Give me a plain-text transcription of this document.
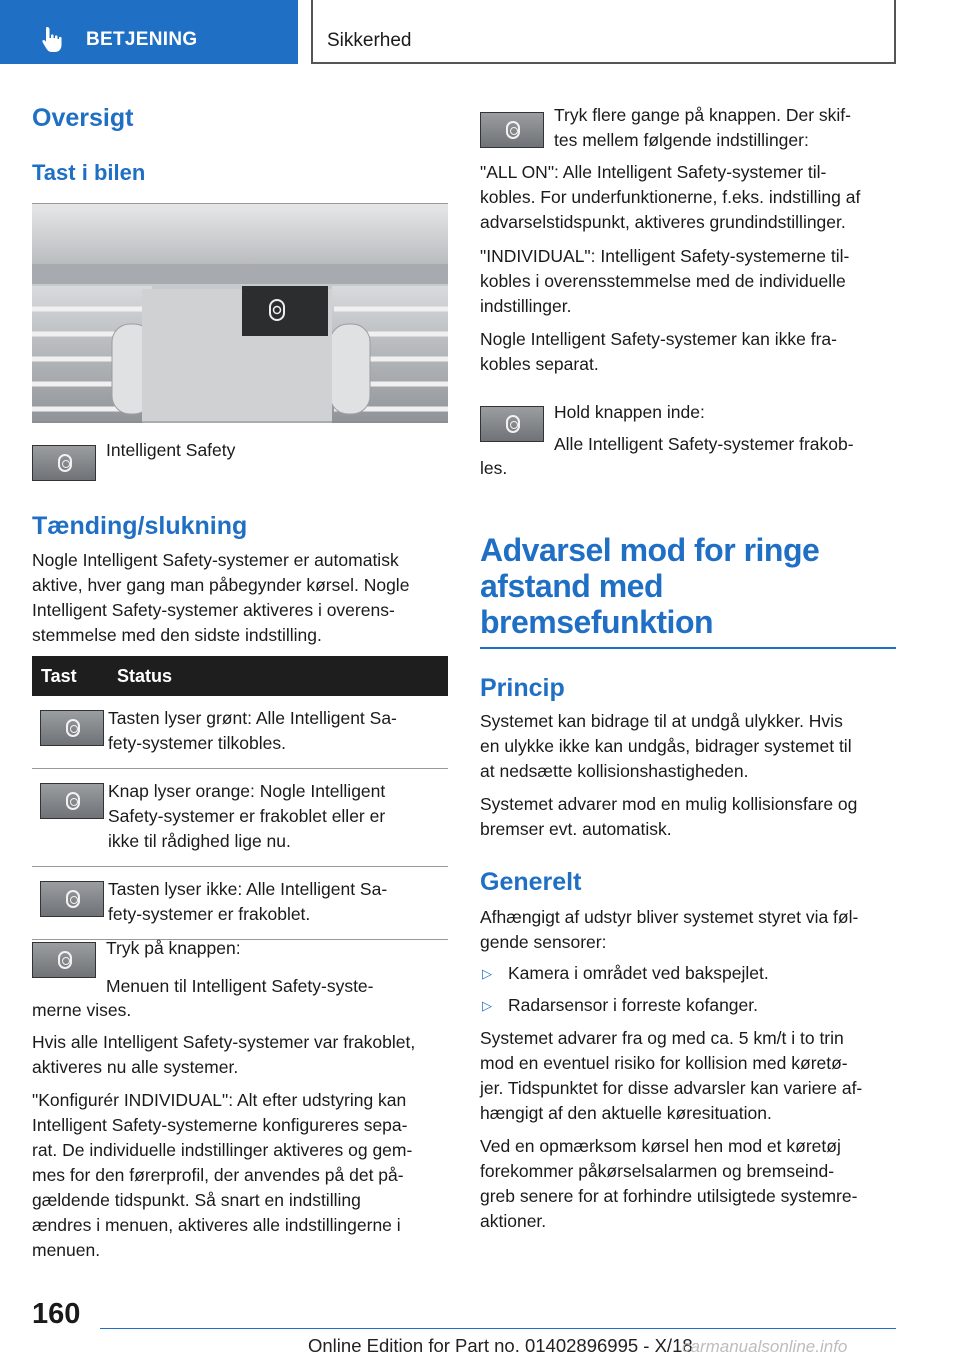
BETJENING	Sikkerhed
Oversigt
Tast i bilen

Intelligent Safety

Tænding/slukning

Nogle Intelligent Safety-systemer er automatisk

aktive, hver gang man påbegynder kørsel. Nogle

Intelligent Safety-systemer aktiveres i overens-

stemmelse med den sidste indstilling.

Tast	Status

	Tasten lyser grønt: Alle Intelligent Sa-
fety-systemer tilkobles.

	Knap lyser orange: Nogle Intelligent
Safety-systemer er frakoblet eller er
ikke til rådighed lige nu.

	Tasten lyser ikke: Alle Intelligent Sa-
fety-systemer er frakoblet.

Tryk på knappen:

Menuen til Intelligent Safety-syste-

merne vises.

Hvis alle Intelligent Safety-systemer var frakoblet,

aktiveres nu alle systemer.

"Konfigurér INDIVIDUAL": Alt efter udstyring kan

Intelligent Safety-systemerne konfigureres sepa-

rat. De individuelle indstillinger aktiveres og gem-

mes for den førerprofil, der anvendes på det på-

gældende tidspunkt. Så snart en indstilling

ændres i menuen, aktiveres alle indstillingerne i

menuen.

Tryk flere gange på knappen. Der skif-

tes mellem følgende indstillinger:

"ALL ON": Alle Intelligent Safety-systemer til-

kobles. For underfunktionerne, f.eks. indstilling af

advarselstidspunkt, aktiveres grundindstillinger.

"INDIVIDUAL": Intelligent Safety-systemerne til-

kobles i overensstemmelse med de individuelle

indstillinger.

Nogle Intelligent Safety-systemer kan ikke fra-

kobles separat.

Hold knappen inde:

Alle Intelligent Safety-systemer frakob-

les.

Advarsel mod for ringe
afstand med
bremsefunktion
Princip

Systemet kan bidrage til at undgå ulykker. Hvis

en ulykke ikke kan undgås, bidrager systemet til

at nedsætte kollisionshastigheden.

Systemet advarer mod en mulig kollisionsfare og

bremser evt. automatisk.

Generelt

Afhængigt af udstyr bliver systemet styret via føl-

gende sensorer:

▷ Kamera i området ved bakspejlet.

▷ Radarsensor i forreste kofanger.

Systemet advarer fra og med ca. 5 km/t i to trin

mod en eventuel risiko for kollision med køretø-

jer. Tidspunktet for disse advarsler kan variere af-

hængigt af den aktuelle køresituation.

Ved en opmærksom kørsel hen mod et køretøj

forekommer påkørselsalarmen og bremseind-

greb senere for at forhindre utilsigtede systemre-

aktioner.

160
Online Edition for Part no. 01402896995 - X/18
carmanualsonline.info
